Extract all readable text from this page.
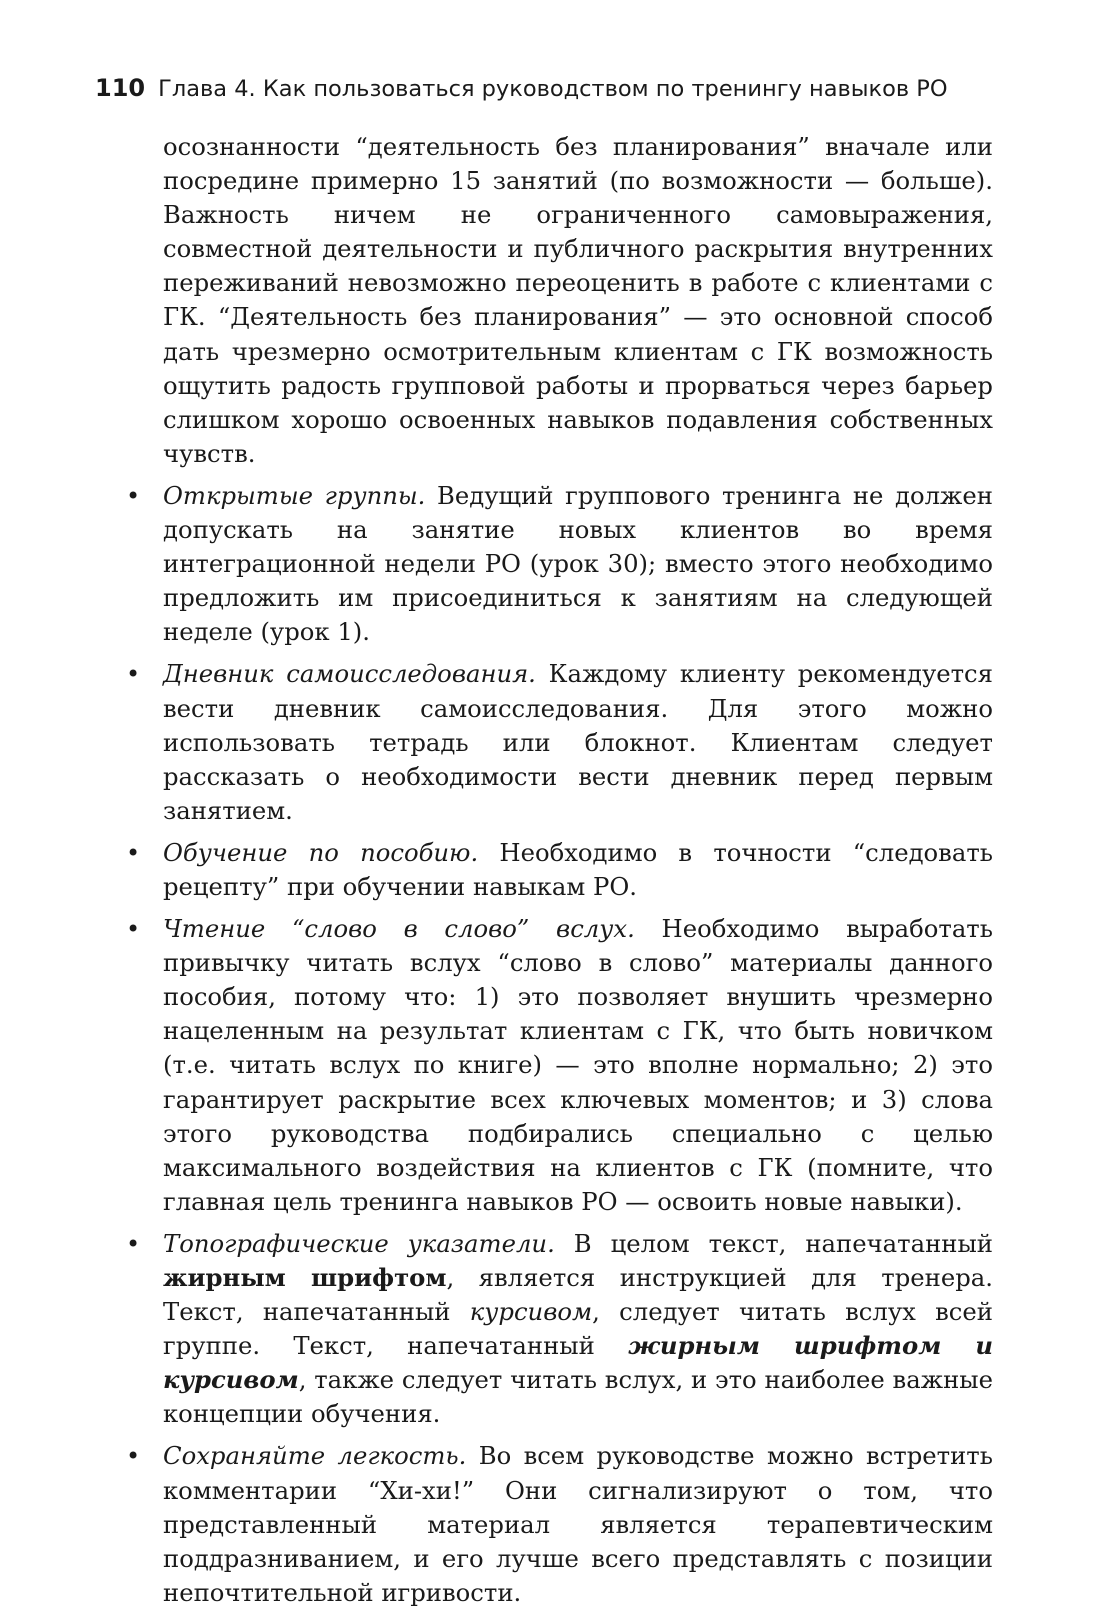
110 Глава 4. Как пользоваться руководством по тренингу навыков РО

осознанности “деятельность без планирования” вначале или посредине примерно 15 занятий (по возможности — больше). Важность ничем не ограниченного самовыражения, совместной деятельности и публичного раскрытия внутренних переживаний невозможно переоценить в работе с клиентами с ГК. “Деятельность без планирования” — это основной способ дать чрезмерно осмотрительным клиентам с ГК возможность ощутить радость групповой работы и прорваться через барьер слишком хорошо освоенных навыков подавления собственных чувств.

• Открытые группы. Ведущий группового тренинга не должен допускать на занятие новых клиентов во время интеграционной недели РО (урок 30); вместо этого необходимо предложить им присоединиться к занятиям на следующей неделе (урок 1).
• Дневник самоисследования. Каждому клиенту рекомендуется вести дневник самоисследования. Для этого можно использовать тетрадь или блокнот. Клиентам следует рассказать о необходимости вести дневник перед первым занятием.
• Обучение по пособию. Необходимо в точности “следовать рецепту” при обучении навыкам РО.
• Чтение “слово в слово” вслух. Необходимо выработать привычку читать вслух “слово в слово” материалы данного пособия, потому что: 1) это позволяет внушить чрезмерно нацеленным на результат клиентам с ГК, что быть новичком (т.е. читать вслух по книге) — это вполне нормально; 2) это гарантирует раскрытие всех ключевых моментов; и 3) слова этого руководства подбирались специально с целью максимального воздействия на клиентов с ГК (помните, что главная цель тренинга навыков РО — освоить новые навыки).
• Топографические указатели. В целом текст, напечатанный жирным шрифтом, является инструкцией для тренера. Текст, напечатанный курсивом, следует читать вслух всей группе. Текст, напечатанный жирным шрифтом и курсивом, также следует читать вслух, и это наиболее важные концепции обучения.
• Сохраняйте легкость. Во всем руководстве можно встретить комментарии “Хи-хи!” Они сигнализируют о том, что представленный материал является терапевтическим поддразниванием, и его лучше всего представлять с позиции непочтительной игривости.
